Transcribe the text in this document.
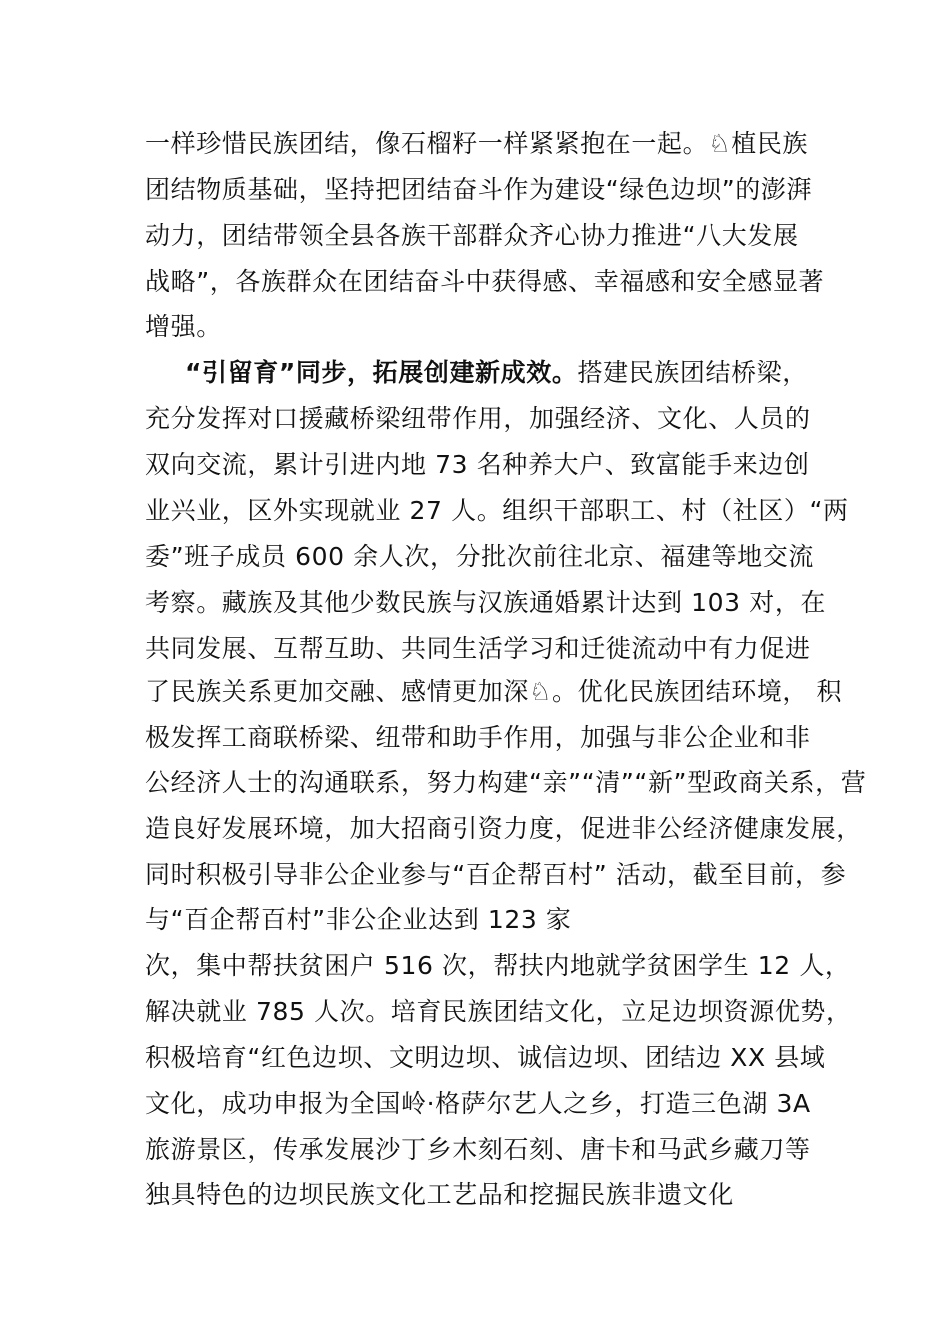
一样珍惜民族团结，像石榴籽一样紧紧抱在一起。♘植民族
团结物质基础，坚持把团结奋斗作为建设“绿色边坝”的澎湃
动力，团结带领全县各族干部群众齐心协力推进“八大发展
战略”，各族群众在团结奋斗中获得感、幸福感和安全感显著
增强。
“引留育”同步，拓展创建新成效。搭建民族团结桥梁，
充分发挥对口援藏桥梁纽带作用，加强经济、文化、人员的
双向交流，累计引进内地 73 名种养大户、致富能手来边创
业兴业，区外实现就业 27 人。组织干部职工、村（社区）“两
委”班子成员 600 余人次，分批次前往北京、福建等地交流
考察。藏族及其他少数民族与汉族通婚累计达到 103 对，在
共同发展、互帮互助、共同生活学习和迁徙流动中有力促进
了民族关系更加交融、感情更加深♘。优化民族团结环境， 积
极发挥工商联桥梁、纽带和助手作用，加强与非公企业和非
公经济人士的沟通联系，努力构建“亲”“清”“新”型政商关系，营
造良好发展环境，加大招商引资力度，促进非公经济健康发展，
同时积极引导非公企业参与“百企帮百村” 活动，截至目前，参
与“百企帮百村”非公企业达到 123 家
次，集中帮扶贫困户 516 次，帮扶内地就学贫困学生 12 人，
解决就业 785 人次。培育民族团结文化，立足边坝资源优势，
积极培育“红色边坝、文明边坝、诚信边坝、团结边 XX 县域
文化，成功申报为全国岭·格萨尔艺人之乡，打造三色湖 3A
旅游景区，传承发展沙丁乡木刻石刻、唐卡和马武乡藏刀等
独具特色的边坝民族文化工艺品和挖掘民族非遗文化
